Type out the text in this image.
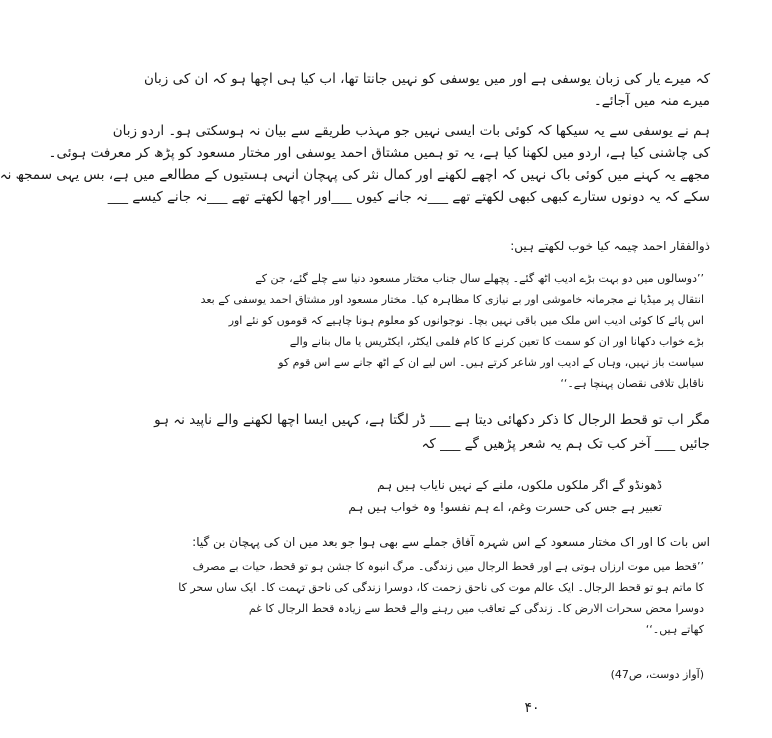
کہ میرے یار کی زبان یوسفی ہے اور میں یوسفی کو نہیں جانتا تھا، اب کیا ہی اچھا ہو کہ ان کی زبان
میرے منہ میں آجائے۔
ہم نے یوسفی سے یہ سیکھا کہ کوئی بات ایسی نہیں جو مہذب طریقے سے بیان نہ ہوسکتی ہو۔ اردو زبان
کی چاشنی کیا ہے، اردو میں لکھنا کیا ہے، یہ تو ہمیں مشتاق احمد یوسفی اور مختار مسعود کو پڑھ کر معرفت ہوئی۔
مجھے یہ کہنے میں کوئی باک نہیں کہ اچھے لکھنے اور کمال نثر کی پہچان انہی ہستیوں کے مطالعے میں ہے، بس یہی سمجھ نہ
سکے کہ یہ دونوں ستارے کبھی کبھی لکھتے تھے ___نہ جانے کیوں ___اور اچھا لکھتے تھے ___نہ جانے کیسے ___
ذوالفقار احمد چیمہ کیا خوب لکھتے ہیں:
’’دوسالوں میں دو بہت بڑے ادیب اٹھ گئے۔ پچھلے سال جناب مختار مسعود دنیا سے چلے گئے، جن کے
انتقال پر میڈیا نے مجرمانہ خاموشی اور بے نیازی کا مظاہرہ کیا۔ مختار مسعود اور مشتاق احمد یوسفی کے بعد
اس پائے کا کوئی ادیب اس ملک میں باقی نہیں بچا۔ نوجوانوں کو معلوم ہونا چاہیے کہ قوموں کو نئے اور
بڑے خواب دکھانا اور ان کو سمت کا تعین کرنے کا کام فلمی ایکٹر، ایکٹریس یا مال بنانے والے
سیاست باز نہیں، وہاں کے ادیب اور شاعر کرتے ہیں۔ اس لیے ان کے اٹھ جانے سے اس قوم کو
ناقابل تلافی نقصان پہنچا ہے۔‘‘
مگر اب تو قحط الرجال کا ذکر دکھائی دیتا ہے ___ ڈر لگتا ہے، کہیں ایسا اچھا لکھنے والے ناپید نہ ہو
جائیں ___ آخر کب تک ہم یہ شعر پڑھیں گے ___ کہ
ڈھونڈو گے اگر ملکوں ملکوں، ملنے کے نہیں نایاب ہیں ہم
تعبیر ہے جس کی حسرت وغم، اے ہم نفسو! وہ خواب ہیں ہم
اس بات کا اور اک مختار مسعود کے اس شہرہ آفاق جملے سے بھی ہوا جو بعد میں ان کی پہچان بن گیا:
’’قحط میں موت ارزاں ہوتی ہے اور قحط الرجال میں زندگی۔ مرگ انبوہ کا جشن ہو تو قحط، حیات بے مصرف
کا ماتم ہو تو قحط الرجال۔ ایک عالم موت کی ناحق زحمت کا، دوسرا زندگی کی ناحق تہمت کا۔ ایک ساں سحر کا
دوسرا محض سحرات الارض کا۔ زندگی کے تعاقب میں رہنے والے قحط سے زیادہ قحط الرجال کا غم
کھاتے ہیں۔‘‘
(آواز دوست، ص47)
۴۰
